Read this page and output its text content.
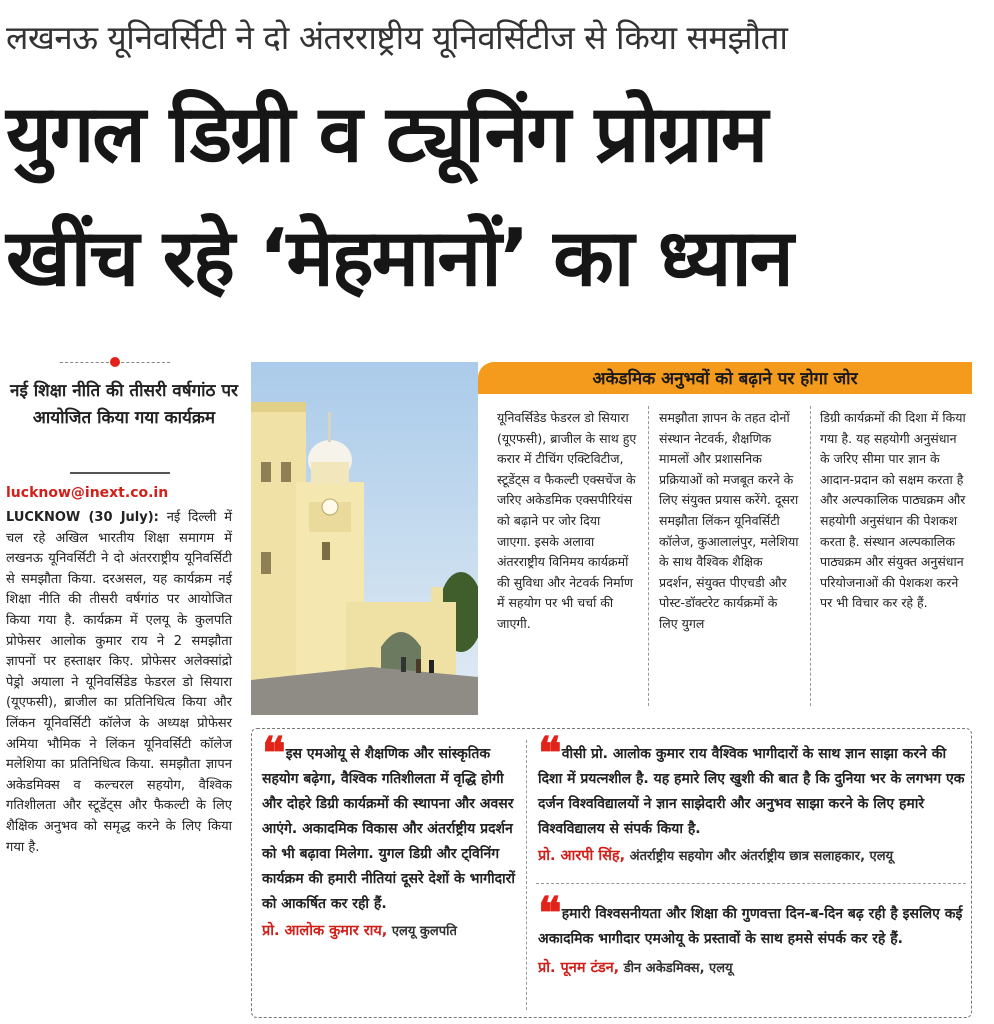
लखनऊ यूनिवर्सिटी ने दो अंतरराष्ट्रीय यूनिवर्सिटीज से किया समझौता
युगल डिग्री व ट्यूनिंग प्रोग्राम
खींच रहे ‘मेहमानों’ का ध्यान
नई शिक्षा नीति की तीसरी वर्षगांठ पर आयोजित किया गया कार्यक्रम
lucknow@inext.co.in
LUCKNOW (30 July): नई दिल्ली में चल रहे अखिल भारतीय शिक्षा समागम में लखनऊ यूनिवर्सिटी ने दो अंतरराष्ट्रीय यूनिवर्सिटी से समझौता किया. दरअसल, यह कार्यक्रम नई शिक्षा नीति की तीसरी वर्षगांठ पर आयोजित किया गया है. कार्यक्रम में एलयू के कुलपति प्रोफेसर आलोक कुमार राय ने 2 समझौता ज्ञापनों पर हस्ताक्षर किए. प्रोफेसर अलेक्सांद्रो पेड्रो अयाला ने यूनिवर्सिडेड फेडरल डो सियारा (यूएफसी), ब्राजील का प्रतिनिधित्व किया और लिंकन यूनिवर्सिटी कॉलेज के अध्यक्ष प्रोफेसर अमिया भौमिक ने लिंकन यूनिवर्सिटी कॉलेज मलेशिया का प्रतिनिधित्व किया. समझौता ज्ञापन अकेडमिक्स व कल्चरल सहयोग, वैश्विक गतिशीलता और स्टूडेंट्स और फैकल्टी के लिए शैक्षिक अनुभव को समृद्ध करने के लिए किया गया है.
अकेडमिक अनुभवों को बढ़ाने पर होगा जोर
यूनिवर्सिडेड फेडरल डो सियारा (यूएफसी), ब्राजील के साथ हुए करार में टीचिंग एक्टिविटीज, स्टूडेंट्स व फैकल्टी एक्सचेंज के जरिए अकेडमिक एक्सपीरियंस को बढ़ाने पर जोर दिया जाएगा. इसके अलावा अंतरराष्ट्रीय विनिमय कार्यक्रमों की सुविधा और नेटवर्क निर्माण में सहयोग पर भी चर्चा की जाएगी.
समझौता ज्ञापन के तहत दोनों संस्थान नेटवर्क, शैक्षणिक मामलों और प्रशासनिक प्रक्रियाओं को मजबूत करने के लिए संयुक्त प्रयास करेंगे. दूसरा समझौता लिंकन यूनिवर्सिटी कॉलेज, कुआलालंपुर, मलेशिया के साथ वैश्विक शैक्षिक प्रदर्शन, संयुक्त पीएचडी और पोस्ट-डॉक्टरेट कार्यक्रमों के लिए युगल
डिग्री कार्यक्रमों की दिशा में किया गया है. यह सहयोगी अनुसंधान के जरिए सीमा पार ज्ञान के आदान-प्रदान को सक्षम करता है और अल्पकालिक पाठ्यक्रम और सहयोगी अनुसंधान की पेशकश करता है. संस्थान अल्पकालिक पाठ्यक्रम और संयुक्त अनुसंधान परियोजनाओं की पेशकश करने पर भी विचार कर रहे हैं.
❝ इस एमओयू से शैक्षणिक और सांस्कृतिक सहयोग बढ़ेगा, वैश्विक गतिशीलता में वृद्धि होगी और दोहरे डिग्री कार्यक्रमों की स्थापना और अवसर आएंगे. अकादमिक विकास और अंतर्राष्ट्रीय प्रदर्शन को भी बढ़ावा मिलेगा. युगल डिग्री और ट्विनिंग कार्यक्रम की हमारी नीतियां दूसरे देशों के भागीदारों को आकर्षित कर रही हैं.
प्रो. आलोक कुमार राय, एलयू कुलपति
❝ वीसी प्रो. आलोक कुमार राय वैश्विक भागीदारों के साथ ज्ञान साझा करने की दिशा में प्रयत्नशील है. यह हमारे लिए खुशी की बात है कि दुनिया भर के लगभग एक दर्जन विश्वविद्यालयों ने ज्ञान साझेदारी और अनुभव साझा करने के लिए हमारे विश्वविद्यालय से संपर्क किया है.
प्रो. आरपी सिंह, अंतर्राष्ट्रीय सहयोग और अंतर्राष्ट्रीय छात्र सलाहकार, एलयू
❝ हमारी विश्वसनीयता और शिक्षा की गुणवत्ता दिन-ब-दिन बढ़ रही है इसलिए कई अकादमिक भागीदार एमओयू के प्रस्तावों के साथ हमसे संपर्क कर रहे हैं.
प्रो. पूनम टंडन, डीन अकेडमिक्स, एलयू
